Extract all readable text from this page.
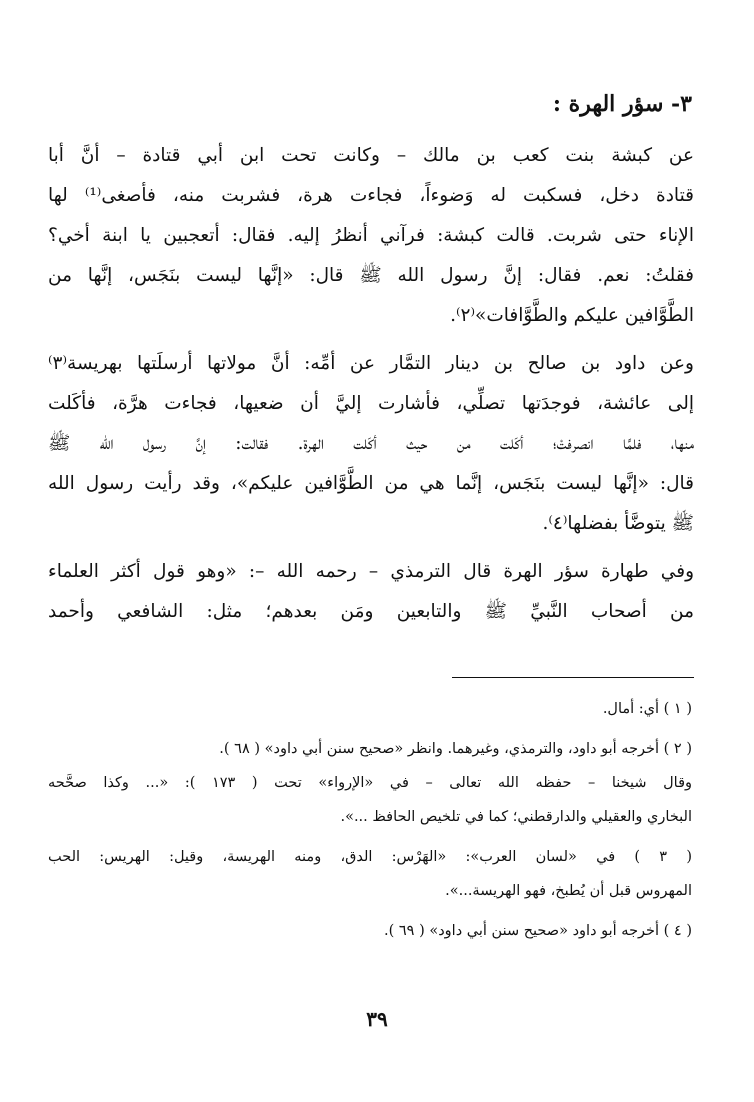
٣- سؤر الهرة :
عن كبشة بنت كعب بن مالك – وكانت تحت ابن أبي قتادة – أنَّ أبا
قتادة دخل، فسكبت له وَضوءاً، فجاءت هرة، فشربت منه، فأصغى⁽¹⁾ لها
الإناء حتى شربت. قالت كبشة: فرآني أنظرُ إليه. فقال: أتعجبين يا ابنة أخي؟
فقلتُ: نعم. فقال: إنَّ رسول الله ﷺ قال: «إنَّها ليست بنَجَس، إنَّها من
الطَّوَّافين عليكم والطَّوَّافات»⁽٢⁾.
وعن داود بن صالح بن دينار التمَّار عن أمِّه: أنَّ مولاتها أرسلَتها بهريسة⁽٣⁾
إلى عائشة، فوجدَتها تصلِّي، فأشارت إليَّ أن ضعيها، فجاءت هرَّة، فأكَلت
منها، فلمَّا انصرفتْ؛ أكَلت من حيث أكَلت الهرة. فقالت: إنَّ رسول الله ﷺ
قال: «إنَّها ليست بنَجَس، إنَّما هي من الطَّوَّافين عليكم»، وقد رأيت رسول الله
ﷺ يتوضَّأ بفضلها⁽٤⁾.
وفي طهارة سؤر الهرة قال الترمذي – رحمه الله –: «وهو قول أكثر العلماء
من أصحاب النَّبيِّ ﷺ والتابعين ومَن بعدهم؛ مثل: الشافعي وأحمد
( ١ ) أي: أمال.
( ٢ ) أخرجه أبو داود، والترمذي، وغيرهما. وانظر «صحيح سنن أبي داود» ( ٦٨ ).
وقال شيخنا – حفظه الله تعالى – في «الإرواء» تحت ( ١٧٣ ): «... وكذا صحَّحه
البخاري والعقيلي والدارقطني؛ كما في تلخيص الحافظ ...».
( ٣ ) في «لسان العرب»: «الهَرْس: الدق، ومنه الهريسة، وقيل: الهريس: الحب
المهروس قبل أن يُطبخ، فهو الهريسة...».
( ٤ ) أخرجه أبو داود «صحيح سنن أبي داود» ( ٦٩ ).
٣٩
